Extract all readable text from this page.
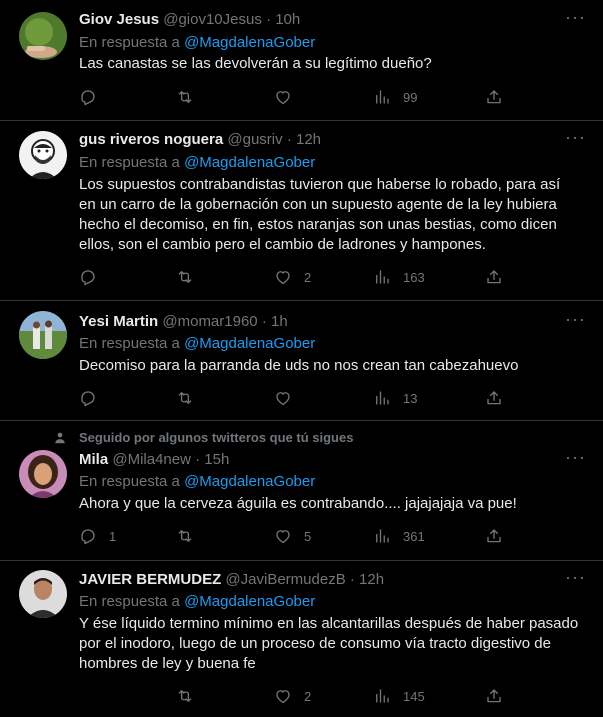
Giov Jesus @giov10Jesus · 10h	···
En respuesta a @MagdalenaGober
Las canastas se las devolverán a su legítimo dueño?
99
gus riveros noguera @gusriv · 12h	···
En respuesta a @MagdalenaGober
Los supuestos contrabandistas tuvieron que haberse lo robado, para así en un carro de la gobernación con un supuesto agente de la ley hubiera hecho el decomiso, en fin, estos naranjas son unas bestias, como dicen ellos, son el cambio pero el cambio de ladrones y hampones.
2	163
Yesi Martin @momar1960 · 1h	···
En respuesta a @MagdalenaGober
Decomiso para la parranda de uds no nos crean tan cabezahuevo
13
Seguido por algunos twitteros que tú sigues
Mila @Mila4new · 15h	···
En respuesta a @MagdalenaGober
Ahora y que la cerveza águila es contrabando.... jajajajaja va pue!
1	5	361
JAVIER BERMUDEZ @JaviBermudezB · 12h	···
En respuesta a @MagdalenaGober
Y ése líquido termino mínimo en las alcantarillas después de haber pasado por el inodoro, luego de un proceso de consumo vía tracto digestivo de hombres de ley y buena fe
2	145
